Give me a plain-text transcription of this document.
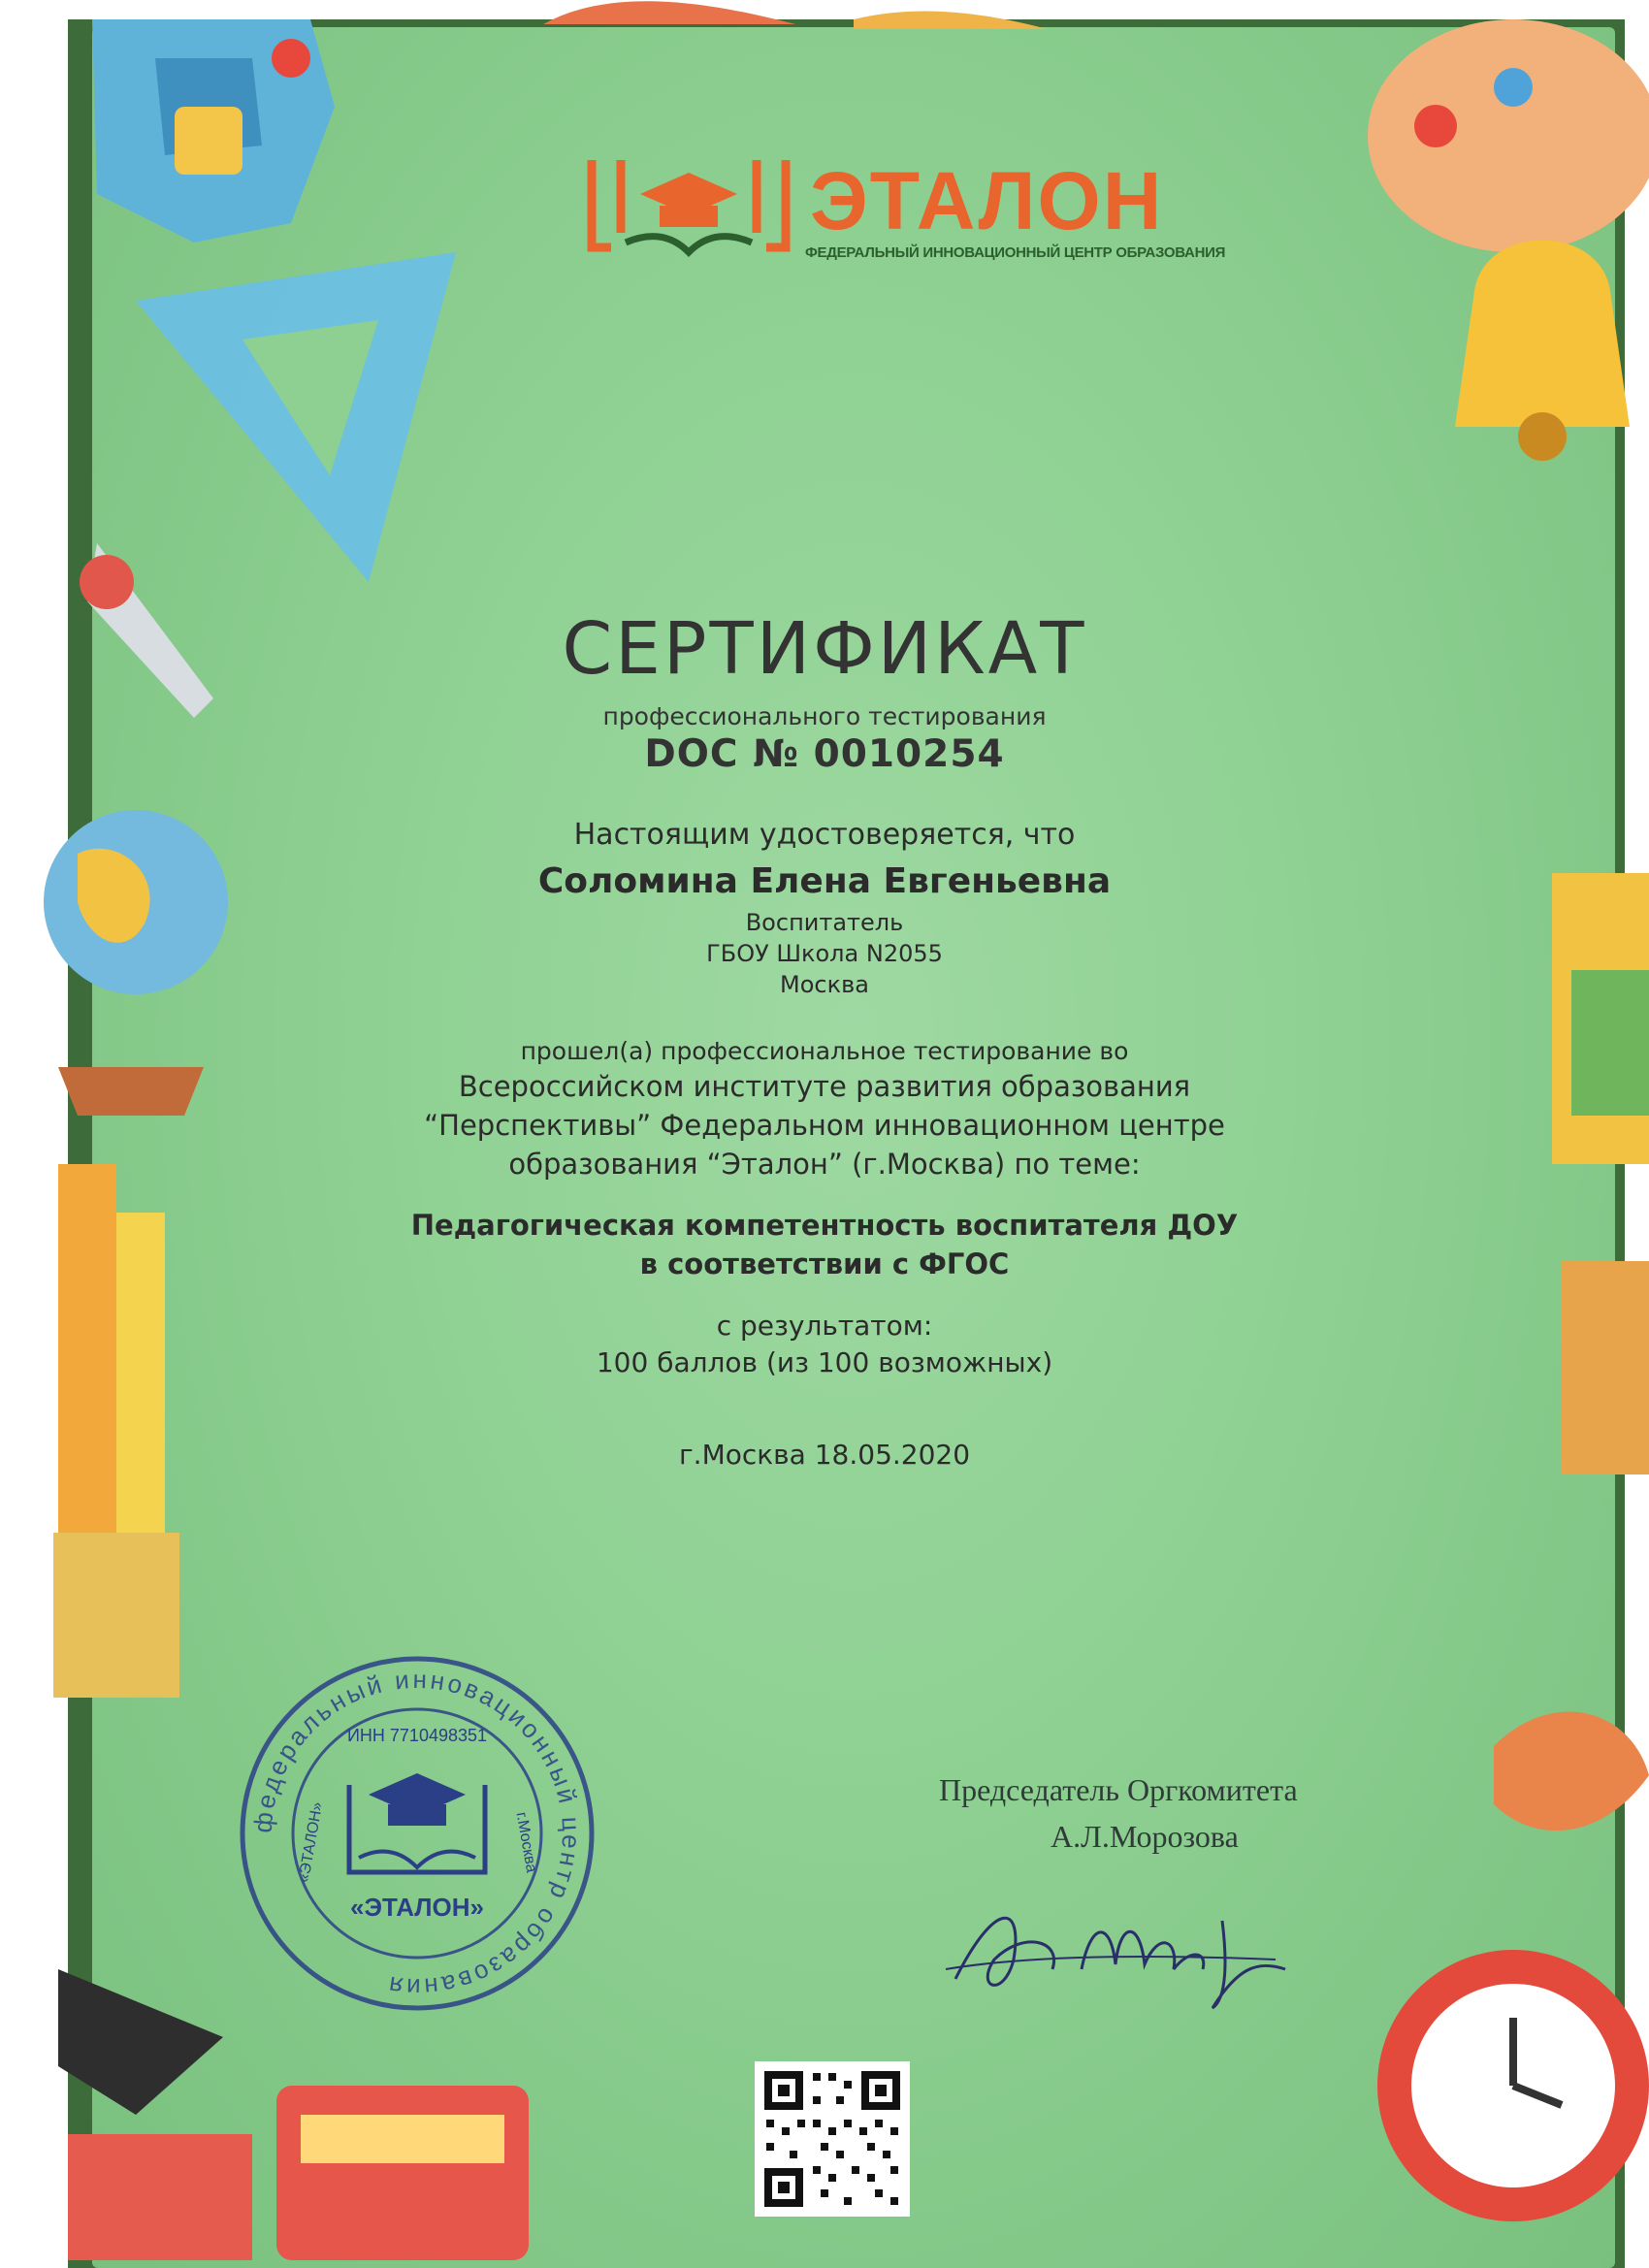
ЭТАЛОН
ФЕДЕРАЛЬНЫЙ ИННОВАЦИОННЫЙ ЦЕНТР ОБРАЗОВАНИЯ
СЕРТИФИКАТ
профессионального тестирования
DOC № 0010254
Настоящим удостоверяется, что
Соломина Елена Евгеньевна
Воспитатель
ГБОУ Школа N2055
Москва
прошел(а) профессиональное тестирование во
Всероссийском институте развития образования
“Перспективы” Федеральном инновационном центре
образования “Эталон” (г.Москва) по теме:
Педагогическая компетентность воспитателя ДОУ
в соответствии с ФГОС
с результатом:
100 баллов (из 100 возможных)
г.Москва 18.05.2020
федеральный инновационный центр образования
ИНН 7710498351
«ЭТАЛОН»
«ЭТАЛОН»	г.Москва
Председатель Оргкомитета
А.Л.Морозова
